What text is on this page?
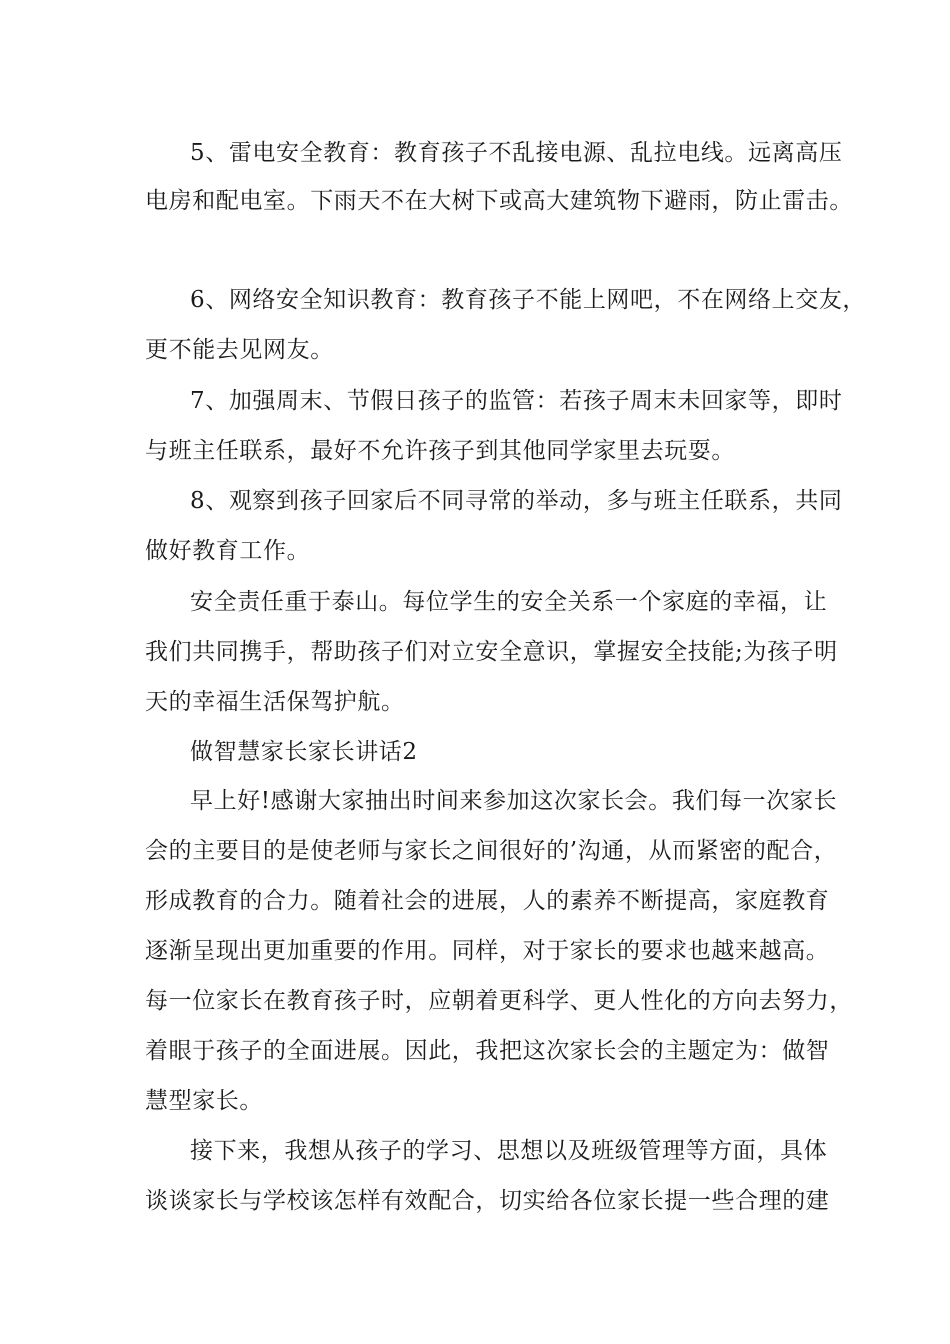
5、雷电安全教育：教育孩子不乱接电源、乱拉电线。远离高压

电房和配电室。下雨天不在大树下或高大建筑物下避雨，防止雷击。

6、网络安全知识教育：教育孩子不能上网吧，不在网络上交友，

更不能去见网友。

7、加强周末、节假日孩子的监管：若孩子周末未回家等，即时

与班主任联系，最好不允许孩子到其他同学家里去玩耍。

8、观察到孩子回家后不同寻常的举动，多与班主任联系，共同

做好教育工作。

安全责任重于泰山。每位学生的安全关系一个家庭的幸福，让

我们共同携手，帮助孩子们对立安全意识，掌握安全技能;为孩子明

天的幸福生活保驾护航。

做智慧家长家长讲话2

早上好!感谢大家抽出时间来参加这次家长会。我们每一次家长

会的主要目的是使老师与家长之间很好的’沟通，从而紧密的配合，

形成教育的合力。随着社会的进展，人的素养不断提高，家庭教育

逐渐呈现出更加重要的作用。同样，对于家长的要求也越来越高。

每一位家长在教育孩子时，应朝着更科学、更人性化的方向去努力，

着眼于孩子的全面进展。因此，我把这次家长会的主题定为：做智

慧型家长。

接下来，我想从孩子的学习、思想以及班级管理等方面，具体

谈谈家长与学校该怎样有效配合，切实给各位家长提一些合理的建
